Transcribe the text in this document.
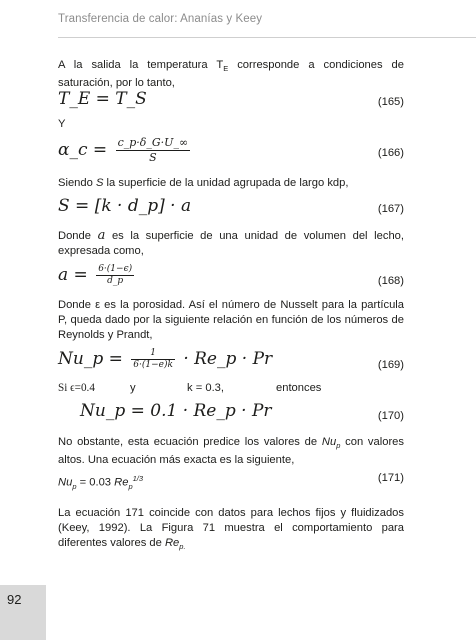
Transferencia de calor: Ananías y Keey

A la salida la temperatura $T_E$ corresponde a condiciones de saturación, por lo tanto,

T_E = T_S	(165)
Y
α_c = $\frac{c\_p\cdot\delta\_G\cdot U\_\infty}{S}$	(166)

Siendo S la superficie de la unidad agrupada de largo kdp,

S = [k · d_p] · a	(167)

Donde a es la superficie de una unidad de volumen del lecho, expresada como,

$a = \frac{6\cdot(1-\epsilon)}{d\_p}$	(168)

Donde ε es la porosidad. Así el número de Nusselt para la partícula P, queda dado por la siguiente relación en función de los números de Reynolds y Prandt,

Nu_p = $\frac{1}{6\cdot(1-e)k}$ · Re_p · Pr	(169)
Si ϵ=0.4	y	k = 0.3,	entonces
Nu_p = 0.1 · Re_p · Pr	(170)

No obstante, esta ecuación predice los valores de $Nu_p$ con valores altos. Una ecuación más exacta es la siguiente,

$Nu_p = 0.03$ $Re_p^{1/3}$	(171)

La ecuación 171 coincide con datos para lechos fijos y fluidizados (Keey, 1992). La Figura 71 muestra el comportamiento para diferentes valores de $Re_{p.}$

92
